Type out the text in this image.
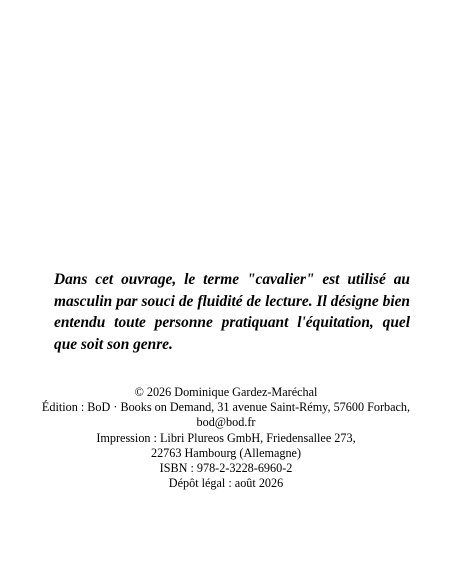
Dans cet ouvrage, le terme "cavalier" est utilisé au masculin par souci de fluidité de lecture. Il désigne bien entendu toute personne pratiquant l'équitation, quel que soit son genre.

© 2026 Dominique Gardez-Maréchal
Édition : BoD · Books on Demand, 31 avenue Saint-Rémy, 57600 Forbach,
bod@bod.fr
Impression : Libri Plureos GmbH, Friedensallee 273,
22763 Hambourg (Allemagne)
ISBN : 978-2-3228-6960-2
Dépôt légal : août 2026
